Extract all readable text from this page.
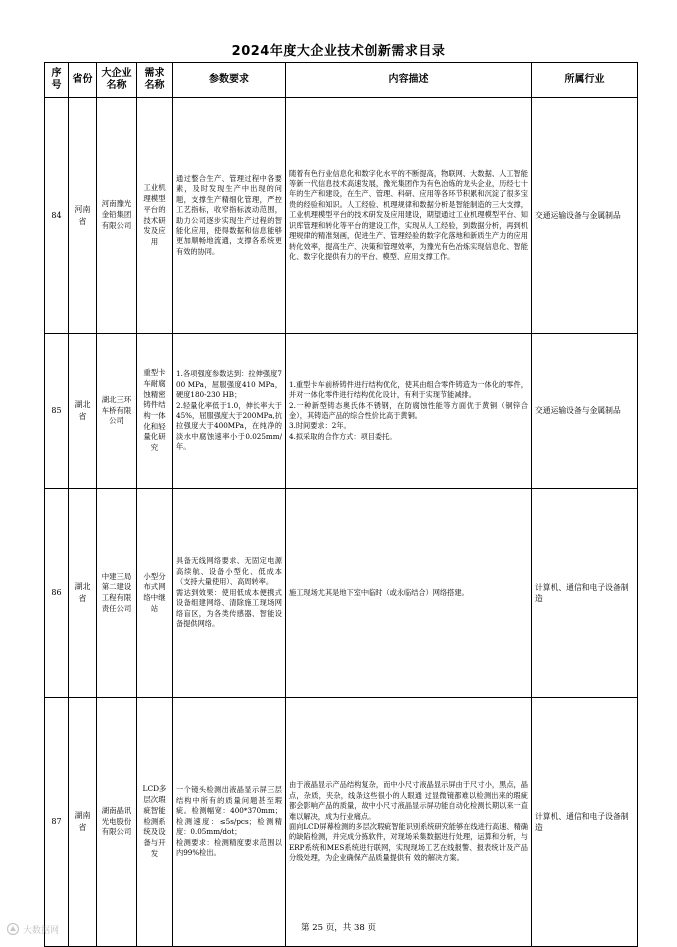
2024年度大企业技术创新需求目录
序号	省份	大企业名称	需求名称	参数要求	内容描述	所属行业
84	河南省	河南豫光金铅集团有限公司	工业机理模型平台的技术研发及应用	通过整合生产、管理过程中各要素，及时发现生产中出现的问题，支撑生产精细化管理，严控工艺指标，收窄指标波动范围，助力公司逐步实现生产过程的智能化应用，使得数据和信息能够更加顺畅地流通，支撑各系统更有效的协同。	随着有色行业信息化和数字化水平的不断提高，物联网、大数据、人工智能等新一代信息技术高速发展，豫光集团作为有色冶炼的龙头企业，历经七十年的生产和建设，在生产、管理、科研、应用等各环节积累和沉淀了很多宝贵的经验和知识。人工经验、机理规律和数据分析是智能制造的三大支撑，工业机理模型平台的技术研发及应用建设，期望通过工业机理模型平台、知识库管理和转化等平台的建设工作，实现从人工经验，到数据分析，再到机理规律的精准刻画，促进生产、管理经验的数字化落地和新质生产力的应用转化效率，提高生产、决策和管理效率，为豫光有色冶炼实现信息化、智能化、数字化提供有力的平台、模型、应用支撑工作。	交通运输设备与金属制品
85	湖北省	湖北三环车桥有限公司	重型卡车耐腐蚀精密铸件结构一体化和轻量化研究	1.各项强度参数达到：拉伸强度700 MPa，屈服强度410 MPa，硬度180-230 HB；
2.轻量化率低于1.0，伸长率大于45%，屈服强度大于200MPa,抗拉强度大于400MPa，在纯净的淡水中腐蚀速率小于0.025mm/年。	1.重型卡车前桥铸件进行结构优化，使其由组合零件铸造为一体化的零件，并对一体化零件进行结构优化设计，有利于实现节能减排。
2.一种新型铸态奥氏体不锈钢，在防腐蚀性能等方面优于黄铜（铜锌合金），其铸造产品的综合性价比高于黄铜。
3.时间要求：2年。
4.拟采取的合作方式：项目委托。	交通运输设备与金属制品
86	湖北省	中建三局第二建设工程有限责任公司	小型分布式网络中继站	具备无线网络要求、无固定电源高续航、设备小型化、低成本（支持大量使用）、高周转率。
需达到效果：使用低成本便携式设备组建网络、清除施工现场网络盲区，为各类传感器、智能设备提供网络。	施工现场尤其是地下室中临时（或永临结合）网络搭建。	计算机、通信和电子设备制造
87	湖南省	湖南晶讯光电股份有限公司	LCD多层次瑕疵智能检测系统及设备与开发	一个镜头检测出液晶显示屏三层结构中所有的质量问题甚至瑕疵。检测幅宽：400*370mm；检测速度：≤5s/pcs；检测精度：0.05mm/dot；
检测要求：检测精度要求范围以内99%检出。	由于液晶显示产品结构复杂，而中小尺寸液晶显示屏由于尺寸小，黑点，晶点，杂质，夹杂，线条这些很小的人眼通 过显微镜都难以检测出来的瑕疵都会影响产品的质量，故中小尺寸液晶显示屏功能自动化检测长期以来一直难以解决，成为行业痛点。
面向LCD屏幕检测的多层次瑕疵智能识别系统研究能够在线进行高速、精确的缺陷检测，并完成分拣软件，对现场采集数据进行处理，运算和分析，与ERP系统和MES系统进行联网，实现现场工艺在线报警、报表统计及产品分级处理，为企业确保产品质量提供有 效的解决方案。	计算机、通信和电子设备制造
大数据网	第 25 页，共 38 页
